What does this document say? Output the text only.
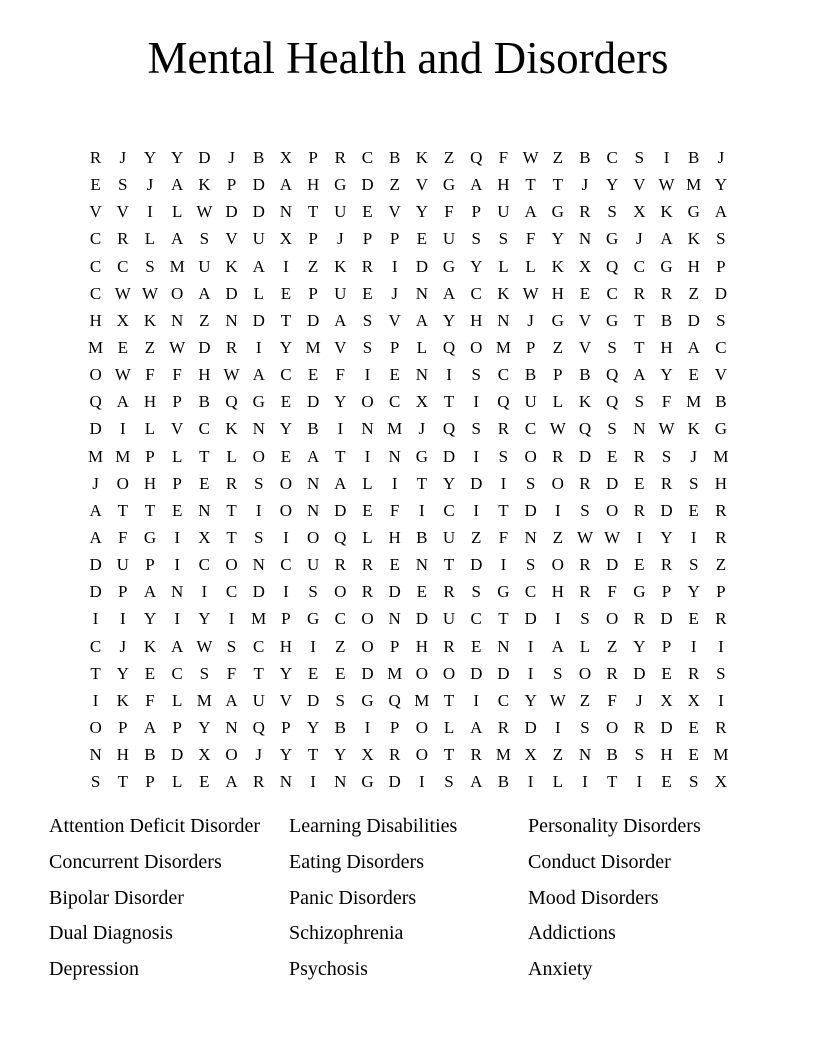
Mental Health and Disorders
R	J	Y Y D	J	B X P R C B K Z Q F W Z B C S	I	B	J
E	S	J	A K P D A H G D Z V G A H T T	J	Y V W M Y
V V	I	L W D D N T U E V Y F	P U A G R S X K G A
C R L A S V U X P	J	P	P	E U S	S	F Y N G	J	A K S
C C S M U K A	I	Z K R	I	D G Y L L K X Q C G H P
C W W O A D L E	P U E	J	N A C K W H E C R R Z D
H X K N Z N D T D A S V A Y H N	J	G V G T B D S
M E Z W D R	I	Y M V S	P	L Q O M P	Z V S	T H A C
O W F	F H W A C E	F	I	E N	I	S C B P B Q A Y E V
Q A H P B Q G E D Y O C X T	I	Q U L K Q S	F M B
D	I	L V C K N Y B	I	N M J	Q S R C W Q S N W K G
M M P	L T L O E A T	I	N G D	I	S O R D E R S	J M
J	O H P	E R S O N A L	I	T Y D	I	S O R D E R S H
A T T E N T	I	O N D E	F	I	C	I	T D	I	S O R D E R
A F G	I	X T	S	I	O Q L H B U Z	F N Z W W I	Y	I	R
D U P	I	C O N C U R R E N T D	I	S O R D E R S	Z
D P A N	I	C D	I	S O R D E R S G C H R F G P Y P
I	I	Y	I	Y	I M P G C O N D U C T D	I	S O R D E R
C	J	K A W S C H	I	Z O P H R E N	I	A L Z Y P	I	I
T Y E C S	F	T Y E E D M O O D D	I	S O R D E R S
I	K F	L M A U V D S G Q M T	I	C Y W Z	F	J	X X	I
O P A P Y N Q P Y B	I	P O L A R D	I	S O R D E R
N H B D X O	J	Y T Y X R O T R M X Z N B S H E M
S	T	P	L E A R N	I	N G D	I	S A B	I	L	I	T	I	E	S X
Attention Deficit Disorder
Concurrent Disorders
Bipolar Disorder
Dual Diagnosis
Depression
Learning Disabilities
Eating Disorders
Panic Disorders
Schizophrenia
Psychosis
Personality Disorders
Conduct Disorder
Mood Disorders
Addictions
Anxiety
